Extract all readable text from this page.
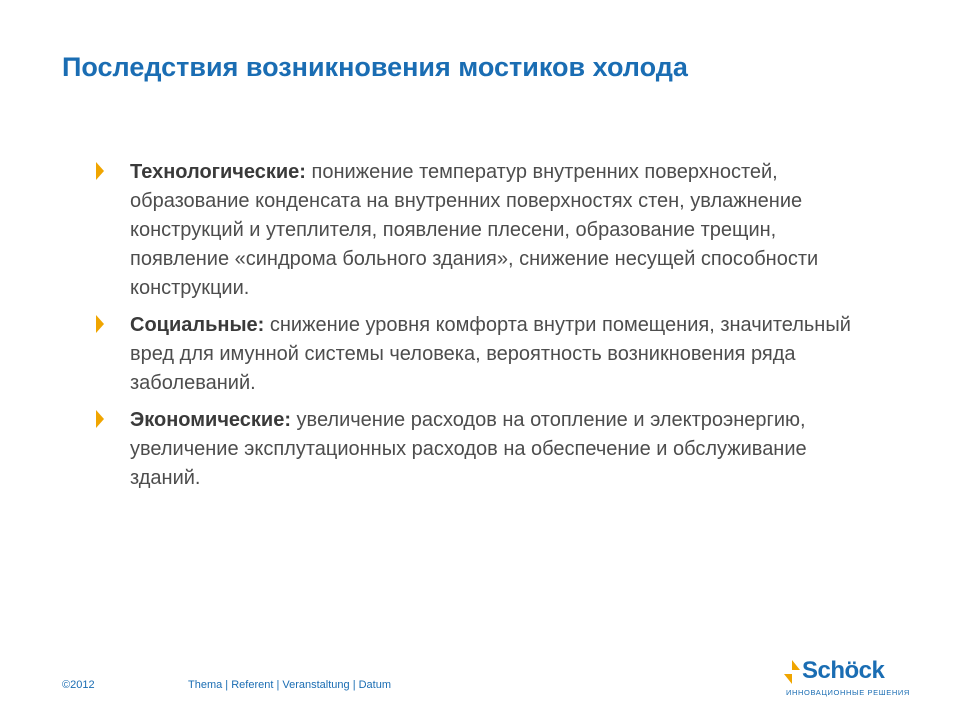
Последствия возникновения мостиков холода
Технологические: понижение температур внутренних поверхностей, образование конденсата на внутренних поверхностях стен, увлажнение конструкций и утеплителя, появление плесени, образование трещин, появление «синдрома больного здания», снижение несущей способности конструкции.
Социальные: снижение уровня комфорта внутри помещения, значительный вред для имунной системы человека, вероятность возникновения ряда заболеваний.
Экономические: увеличение расходов на отопление и электроэнергию, увеличение эксплутационных расходов на обеспечение и обслуживание зданий.
©2012	Thema | Referent | Veranstaltung | Datum
Schöck
ИННОВАЦИОННЫЕ РЕШЕНИЯ
